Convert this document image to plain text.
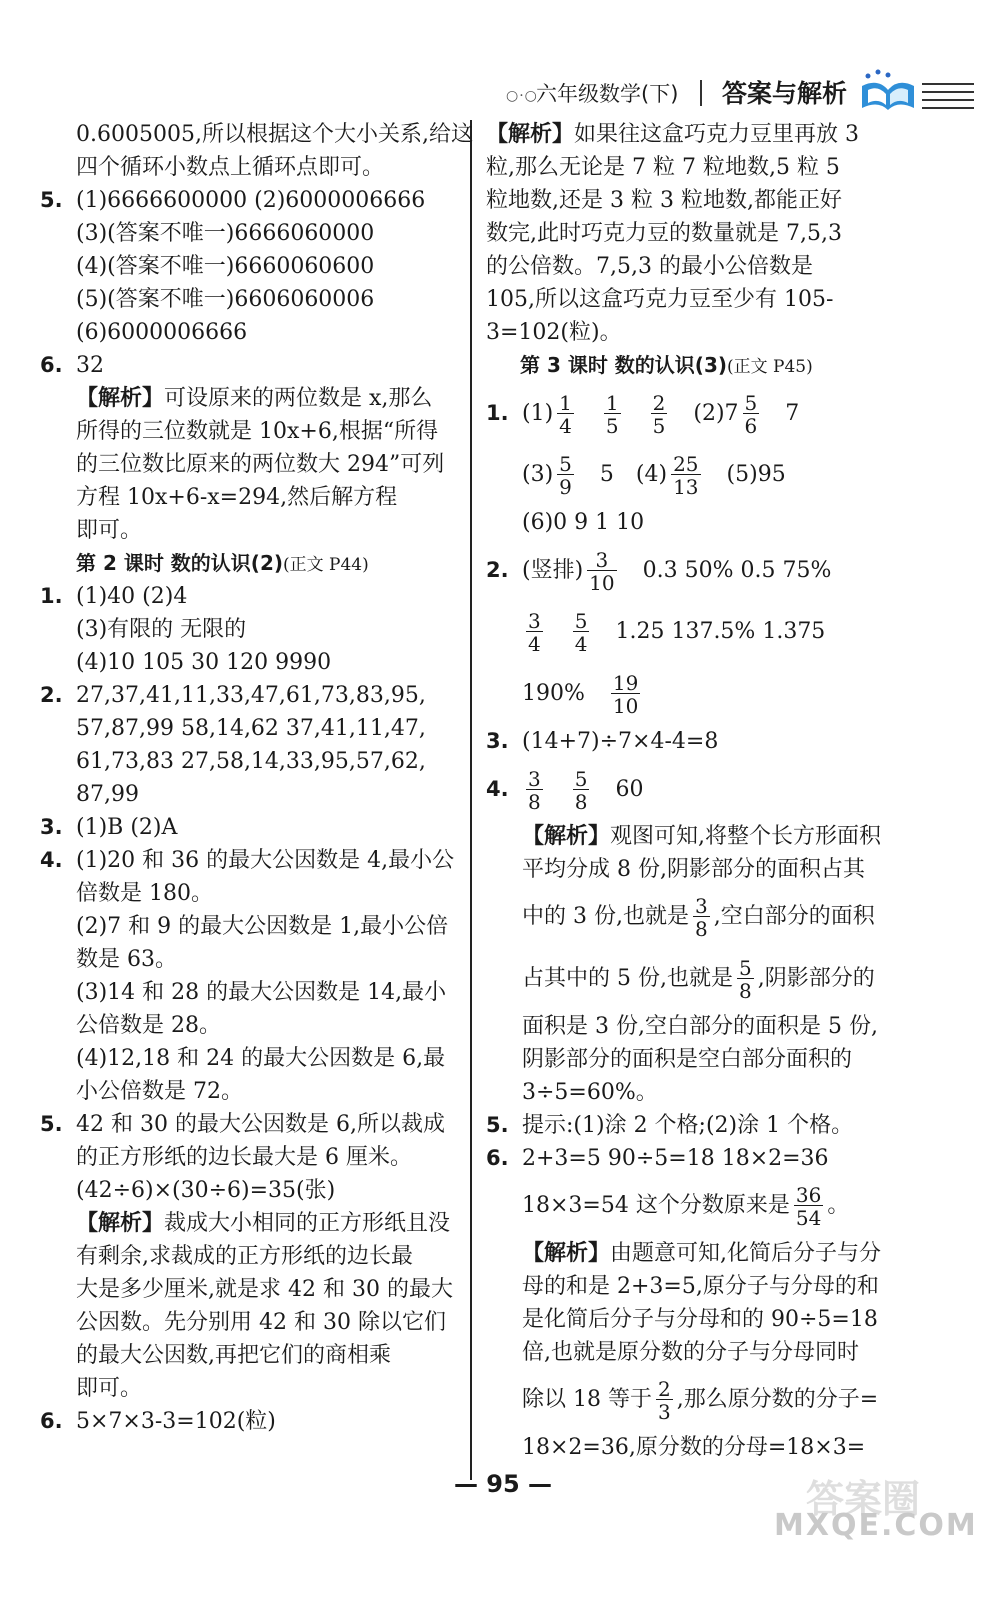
○·○
六年级数学(下) 答案与解析
0.6005005,所以根据这个大小关系,给这
四个循环小数点上循环点即可。
5. (1)6666600000 (2)6000006666
(3)(答案不唯一)6666060000
(4)(答案不唯一)6660060600
(5)(答案不唯一)6606060006
(6)6000006666
6. 32
【解析】可设原来的两位数是 x,那么
所得的三位数就是 10x+6,根据“所得
的三位数比原来的两位数大 294”可列
方程 10x+6-x=294,然后解方程
即可。
第 2 课时 数的认识(2)(正文 P44)
1. (1)40 (2)4
(3)有限的 无限的
(4)10 105 30 120 9990
2. 27,37,41,11,33,47,61,73,83,95,
57,87,99 58,14,62 37,41,11,47,
61,73,83 27,58,14,33,95,57,62,
87,99
3. (1)B (2)A
4. (1)20 和 36 的最大公因数是 4,最小公
倍数是 180。
(2)7 和 9 的最大公因数是 1,最小公倍
数是 63。
(3)14 和 28 的最大公因数是 14,最小
公倍数是 28。
(4)12,18 和 24 的最大公因数是 6,最
小公倍数是 72。
5. 42 和 30 的最大公因数是 6,所以裁成
的正方形纸的边长最大是 6 厘米。
(42÷6)×(30÷6)=35(张)
【解析】裁成大小相同的正方形纸且没
有剩余,求裁成的正方形纸的边长最
大是多少厘米,就是求 42 和 30 的最大
公因数。先分别用 42 和 30 除以它们
的最大公因数,再把它们的商相乘
即可。
6. 5×7×3-3=102(粒)
【解析】如果往这盒巧克力豆里再放 3
粒,那么无论是 7 粒 7 粒地数,5 粒 5
粒地数,还是 3 粒 3 粒地数,都能正好
数完,此时巧克力豆的数量就是 7,5,3
的公倍数。7,5,3 的最小公倍数是
105,所以这盒巧克力豆至少有 105-
3=102(粒)。
第 3 课时 数的认识(3)(正文 P45)
1. $(1) \frac{1}{4} \frac{1}{5} \frac{2}{5} (2)7 \frac{5}{6} 7$
$(3) \frac{5}{9} 5$ $(4) \frac{25}{13} (5)95$
(6)0 9 1 10
2. (竖排) $\frac{3}{10} 0.3$ 50% 0.5 75%
$\frac{3}{4} \frac{5}{4} 1.25$ 137.5% 1.375
$190\% \frac{19}{10}$
3. (14+7)÷7×4-4=8
4. $\frac{3}{8} \frac{5}{8} 60$
【解析】观图可知,将整个长方形面积
平均分成 8 份,阴影部分的面积占其
中的 3 份,也就是 $\frac{3}{8}$ ,空白部分的面积
占其中的 5 份,也就是 $\frac{5}{8}$ ,阴影部分的
面积是 3 份,空白部分的面积是 5 份,
阴影部分的面积是空白部分面积的
3÷5=60%。
5. 提示:(1)涂 2 个格;(2)涂 1 个格。
6. 2+3=5 90÷5=18 18×2=36
18×3=54 这个分数原来是 $\frac{36}{54}$ 。
【解析】由题意可知,化简后分子与分
母的和是 2+3=5,原分子与分母的和
是化简后分子与分母和的 90÷5=18
倍,也就是原分数的分子与分母同时
除以 18 等于 $\frac{2}{3}$ ,那么原分数的分子=
18×2=36,原分数的分母=18×3=
— 95 —	答案圈
MXQE.COM
